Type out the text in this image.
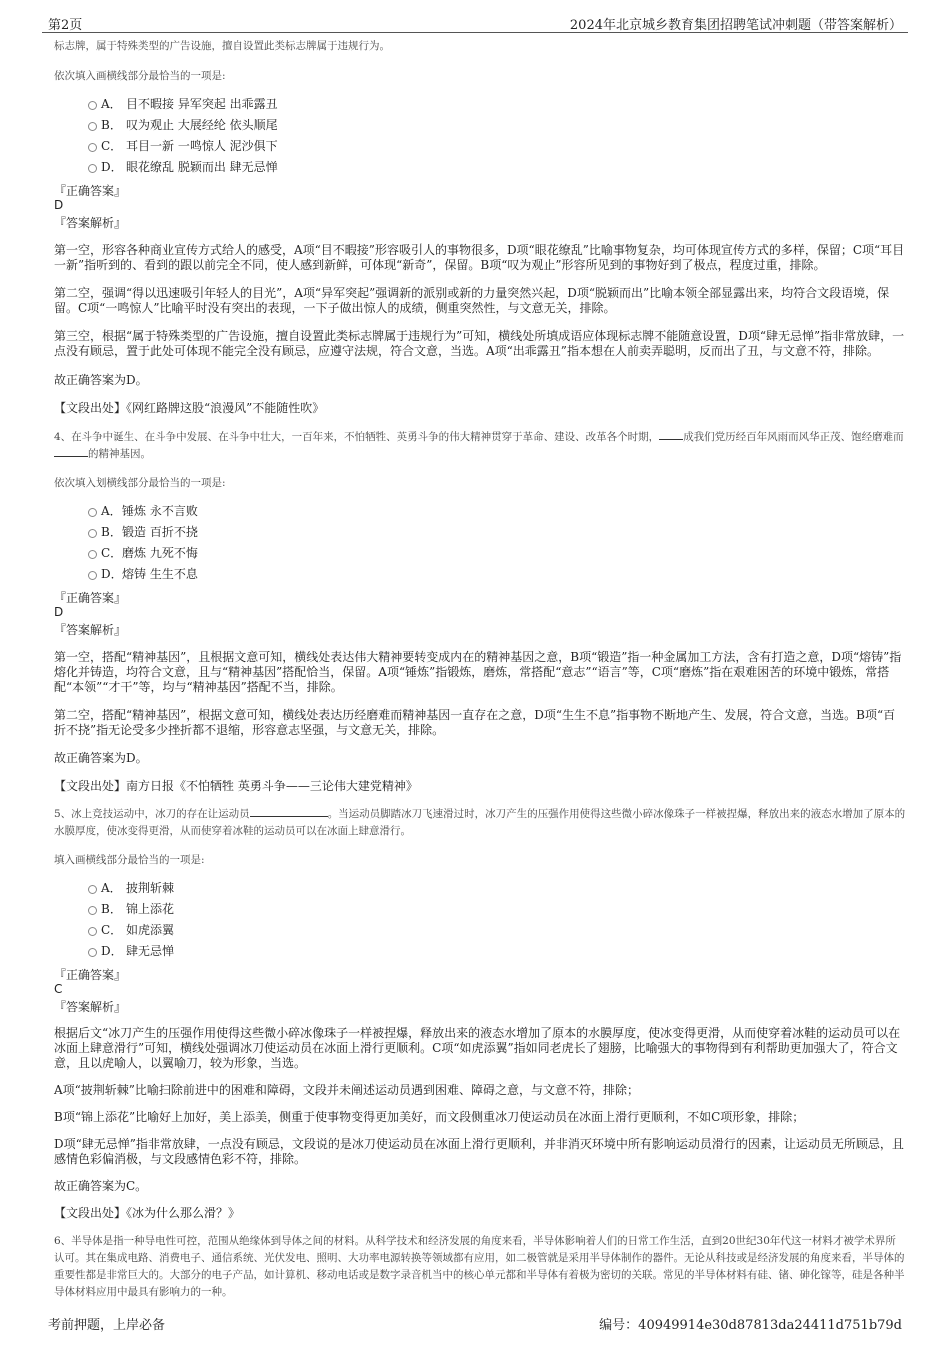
第2页	2024年北京城乡教育集团招聘笔试冲刺题（带答案解析）

标志牌，属于特殊类型的广告设施，擅自设置此类标志牌属于违规行为。

依次填入画横线部分最恰当的一项是:

A． 目不暇接 异军突起 出乖露丑
B． 叹为观止 大展经纶 依头顺尾
C． 耳目一新 一鸣惊人 泥沙俱下
D． 眼花缭乱 脱颖而出 肆无忌惮

『正确答案』

D

『答案解析』

第一空，形容各种商业宣传方式给人的感受，A项“目不暇接”形容吸引人的事物很多，D项“眼花缭乱”比喻事物复杂，均可体现宣传方式的多样，保留；C项“耳目一新”指听到的、看到的跟以前完全不同，使人感到新鲜，可体现“新奇”，保留。B项“叹为观止”形容所见到的事物好到了极点，程度过重，排除。

第二空，强调“得以迅速吸引年轻人的目光”，A项“异军突起”强调新的派别或新的力量突然兴起，D项“脱颖而出”比喻本领全部显露出来，均符合文段语境，保留。C项“一鸣惊人”比喻平时没有突出的表现，一下子做出惊人的成绩，侧重突然性，与文意无关，排除。

第三空，根据“属于特殊类型的广告设施，擅自设置此类标志牌属于违规行为”可知，横线处所填成语应体现标志牌不能随意设置，D项“肆无忌惮”指非常放肆，一点没有顾忌，置于此处可体现不能完全没有顾忌，应遵守法规，符合文意，当选。A项“出乖露丑”指本想在人前卖弄聪明，反而出了丑，与文意不符，排除。

故正确答案为D。

【文段出处】《网红路牌这股“浪漫风”不能随性吹》

4、在斗争中诞生、在斗争中发展、在斗争中壮大，一百年来，不怕牺牲、英勇斗争的伟大精神贯穿于革命、建设、改革各个时期， 成我们党历经百年风雨而风华正茂、饱经磨难而的精神基因。

依次填入划横线部分最恰当的一项是:

A． 锤炼 永不言败
B． 锻造 百折不挠
C． 磨炼 九死不悔
D． 熔铸 生生不息

『正确答案』

D

『答案解析』

第一空，搭配“精神基因”，且根据文意可知，横线处表达伟大精神要转变成内在的精神基因之意，B项“锻造”指一种金属加工方法，含有打造之意，D项“熔铸”指熔化并铸造，均符合文意，且与“精神基因”搭配恰当，保留。A项“锤炼”指锻炼，磨炼，常搭配“意志”“语言”等，C项“磨炼”指在艰难困苦的环境中锻炼，常搭配“本领”“才干”等，均与“精神基因”搭配不当，排除。

第二空，搭配“精神基因”，根据文意可知，横线处表达历经磨难而精神基因一直存在之意，D项“生生不息”指事物不断地产生、发展，符合文意，当选。B项“百折不挠”指无论受多少挫折都不退缩，形容意志坚强，与文意无关，排除。

故正确答案为D。

【文段出处】南方日报《不怕牺牲 英勇斗争——三论伟大建党精神》

5、冰上竞技运动中，冰刀的存在让运动员	。当运动员脚踏冰刀飞速滑过时，冰刀产生的压强作用使得这些微小碎冰像珠子一样被捏爆，释放出来的液态水增加了原本的水膜厚度，使冰变得更滑，从而使穿着冰鞋的运动员可以在冰面上肆意滑行。

填入画横线部分最恰当的一项是:

A． 披荆斩棘
B． 锦上添花
C． 如虎添翼
D． 肆无忌惮

『正确答案』

C

『答案解析』

根据后文“冰刀产生的压强作用使得这些微小碎冰像珠子一样被捏爆，释放出来的液态水增加了原本的水膜厚度，使冰变得更滑，从而使穿着冰鞋的运动员可以在冰面上肆意滑行”可知，横线处强调冰刀使运动员在冰面上滑行更顺利。C项“如虎添翼”指如同老虎长了翅膀，比喻强大的事物得到有利帮助更加强大了，符合文意，且以虎喻人，以翼喻刀，较为形象，当选。

A项“披荆斩棘”比喻扫除前进中的困难和障碍，文段并未阐述运动员遇到困难、障碍之意，与文意不符，排除；

B项“锦上添花”比喻好上加好，美上添美，侧重于使事物变得更加美好，而文段侧重冰刀使运动员在冰面上滑行更顺利，不如C项形象，排除；

D项“肆无忌惮”指非常放肆，一点没有顾忌，文段说的是冰刀使运动员在冰面上滑行更顺利，并非消灭环境中所有影响运动员滑行的因素，让运动员无所顾忌，且感情色彩偏消极，与文段感情色彩不符，排除。

故正确答案为C。

【文段出处】《冰为什么那么滑？》

6、半导体是指一种导电性可控，范围从绝缘体到导体之间的材料。从科学技术和经济发展的角度来看，半导体影响着人们的日常工作生活，直到20世纪30年代这一材料才被学术界所认可。其在集成电路、消费电子、通信系统、光伏发电、照明、大功率电源转换等领域都有应用，如二极管就是采用半导体制作的器件。无论从科技或是经济发展的角度来看，半导体的重要性都是非常巨大的。大部分的电子产品，如计算机、移动电话或是数字录音机当中的核心单元都和半导体有着极为密切的关联。常见的半导体材料有硅、锗、砷化镓等，硅是各种半导体材料应用中最具有影响力的一种。

考前押题，上岸必备	编号：40949914e30d87813da24411d751b79d
